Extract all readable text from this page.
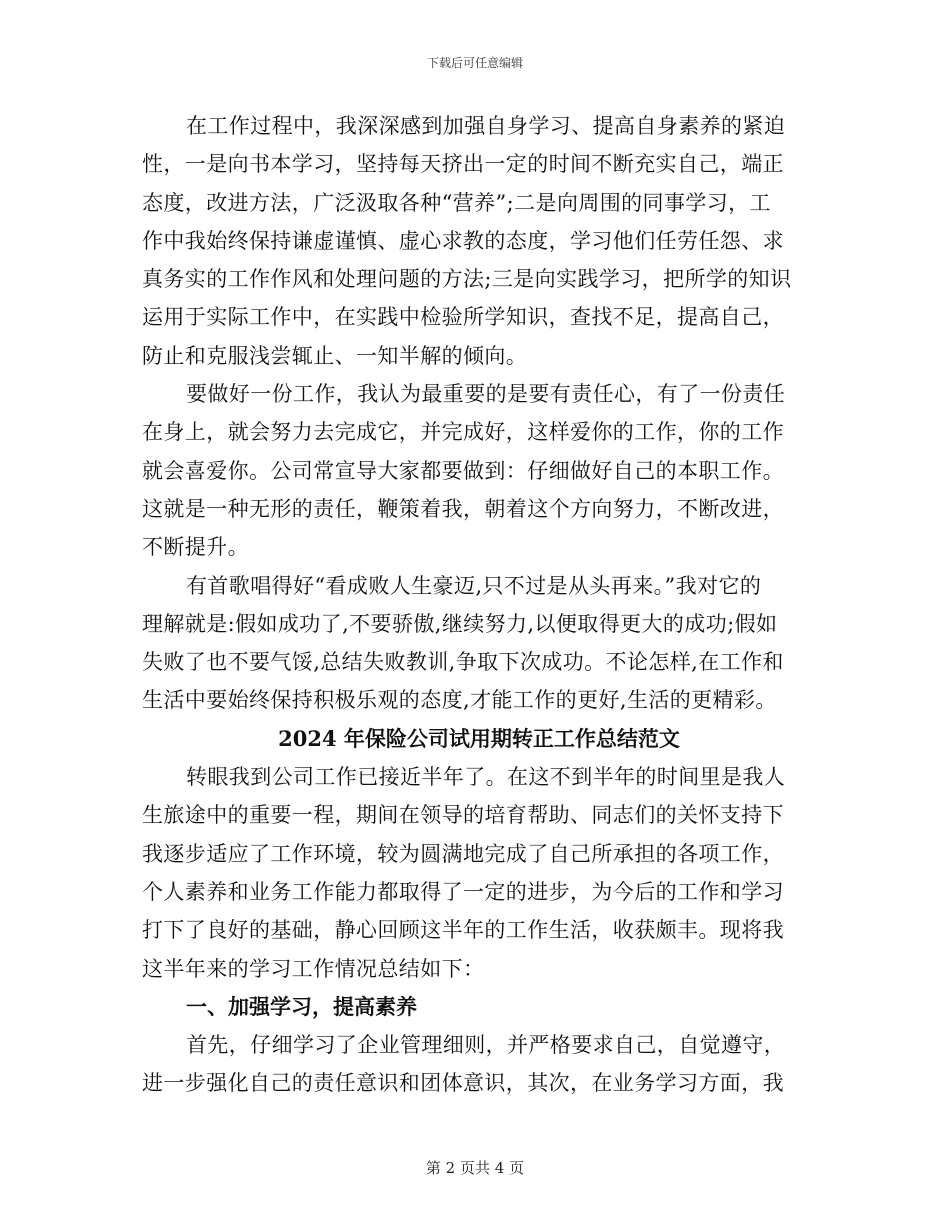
下载后可任意编辑
在工作过程中，我深深感到加强自身学习、提高自身素养的紧迫
性，一是向书本学习，坚持每天挤出一定的时间不断充实自己，端正
态度，改进方法，广泛汲取各种“营养”;二是向周围的同事学习，工
作中我始终保持谦虚谨慎、虚心求教的态度，学习他们任劳任怨、求
真务实的工作作风和处理问题的方法;三是向实践学习，把所学的知识
运用于实际工作中，在实践中检验所学知识，查找不足，提高自己，
防止和克服浅尝辄止、一知半解的倾向。
要做好一份工作，我认为最重要的是要有责任心，有了一份责任
在身上，就会努力去完成它，并完成好，这样爱你的工作，你的工作
就会喜爱你。公司常宣导大家都要做到：仔细做好自己的本职工作。
这就是一种无形的责任，鞭策着我，朝着这个方向努力，不断改进，
不断提升。
有首歌唱得好“看成败人生豪迈,只不过是从头再来。”我对它的
理解就是:假如成功了,不要骄傲,继续努力,以便取得更大的成功;假如
失败了也不要气馁,总结失败教训,争取下次成功。不论怎样,在工作和
生活中要始终保持积极乐观的态度,才能工作的更好,生活的更精彩。
2024 年保险公司试用期转正工作总结范文
转眼我到公司工作已接近半年了。在这不到半年的时间里是我人
生旅途中的重要一程，期间在领导的培育帮助、同志们的关怀支持下
我逐步适应了工作环境，较为圆满地完成了自己所承担的各项工作，
个人素养和业务工作能力都取得了一定的进步，为今后的工作和学习
打下了良好的基础，静心回顾这半年的工作生活，收获颇丰。现将我
这半年来的学习工作情况总结如下：
一、加强学习，提高素养
首先，仔细学习了企业管理细则，并严格要求自己，自觉遵守，
进一步强化自己的责任意识和团体意识，其次，在业务学习方面，我
第 2 页共 4 页
